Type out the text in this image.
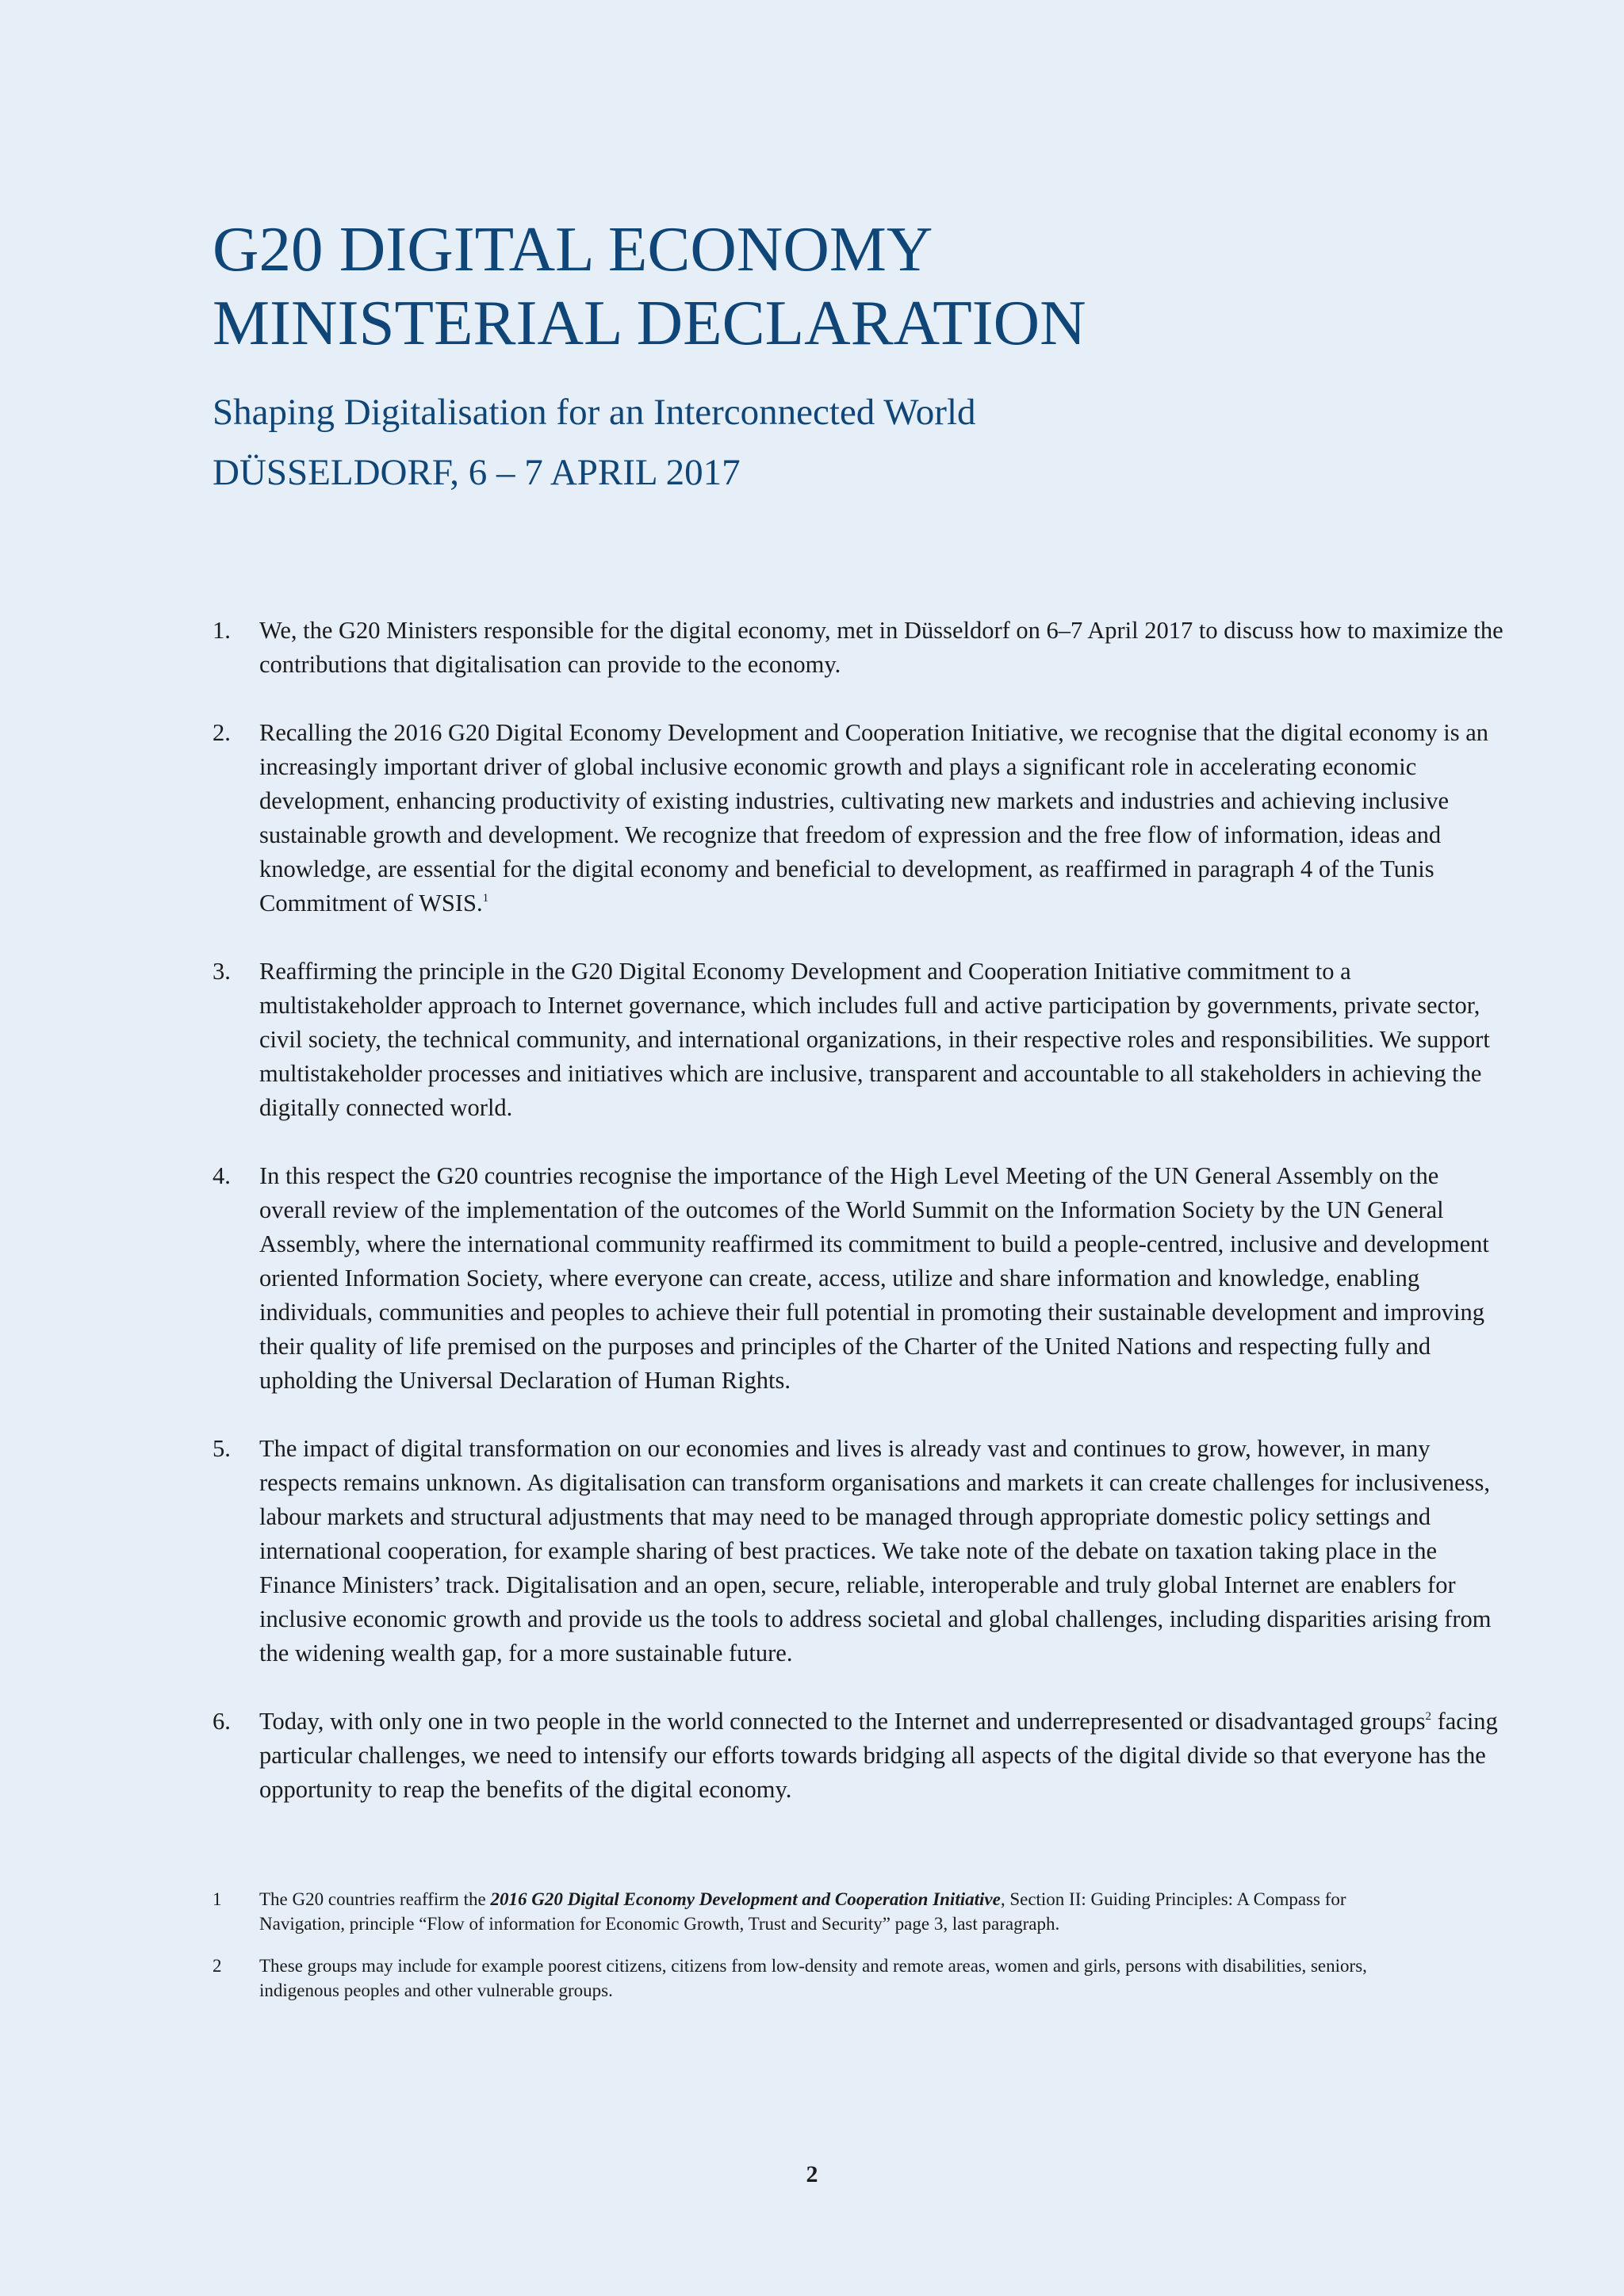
G20 DIGITAL ECONOMY
MINISTERIAL DECLARATION
Shaping Digitalisation for an Interconnected World
DÜSSELDORF, 6 – 7 APRIL 2017
1. We, the G20 Ministers responsible for the digital economy, met in Düsseldorf on 6–7 April 2017 to discuss how to maximize the contributions that digitalisation can provide to the economy.
2. Recalling the 2016 G20 Digital Economy Development and Cooperation Initiative, we recognise that the digital economy is an increasingly important driver of global inclusive economic growth and plays a significant role in accelerating economic development, enhancing productivity of existing industries, cultivating new markets and industries and achieving inclusive sustainable growth and development. We recognize that freedom of expression and the free flow of information, ideas and knowledge, are essential for the digital economy and beneficial to development, as reaffirmed in paragraph 4 of the Tunis Commitment of WSIS.$^1$
3. Reaffirming the principle in the G20 Digital Economy Development and Cooperation Initiative commitment to a multistakeholder approach to Internet governance, which includes full and active participation by governments, private sector, civil society, the technical community, and international organizations, in their respective roles and responsibilities. We support multistakeholder processes and initiatives which are inclusive, transparent and accountable to all stakeholders in achieving the digitally connected world.
4. In this respect the G20 countries recognise the importance of the High Level Meeting of the UN General Assembly on the overall review of the implementation of the outcomes of the World Summit on the Information Society by the UN General Assembly, where the international community reaffirmed its commitment to build a people-centred, inclusive and development oriented Information Society, where everyone can create, access, utilize and share information and knowledge, enabling individuals, communities and peoples to achieve their full potential in promoting their sustainable development and improving their quality of life premised on the purposes and principles of the Charter of the United Nations and respecting fully and upholding the Universal Declaration of Human Rights.
5. The impact of digital transformation on our economies and lives is already vast and continues to grow, however, in many respects remains unknown. As digitalisation can transform organisations and markets it can create challenges for inclusiveness, labour markets and structural adjustments that may need to be managed through appropriate domestic policy settings and international cooperation, for example sharing of best practices. We take note of the debate on taxation taking place in the Finance Ministers’ track. Digitalisation and an open, secure, reliable, interoperable and truly global Internet are enablers for inclusive economic growth and provide us the tools to address societal and global challenges, including disparities arising from the widening wealth gap, for a more sustainable future.
6. Today, with only one in two people in the world connected to the Internet and underrepresented or disadvantaged groups$^2$ facing particular challenges, we need to intensify our efforts towards bridging all aspects of the digital divide so that everyone has the opportunity to reap the benefits of the digital economy.
1 The G20 countries reaffirm the 2016 G20 Digital Economy Development and Cooperation Initiative, Section II: Guiding Principles: A Compass for Navigation, principle “Flow of information for Economic Growth, Trust and Security” page 3, last paragraph.
2 These groups may include for example poorest citizens, citizens from low-density and remote areas, women and girls, persons with disabilities, seniors, indigenous peoples and other vulnerable groups.
2
